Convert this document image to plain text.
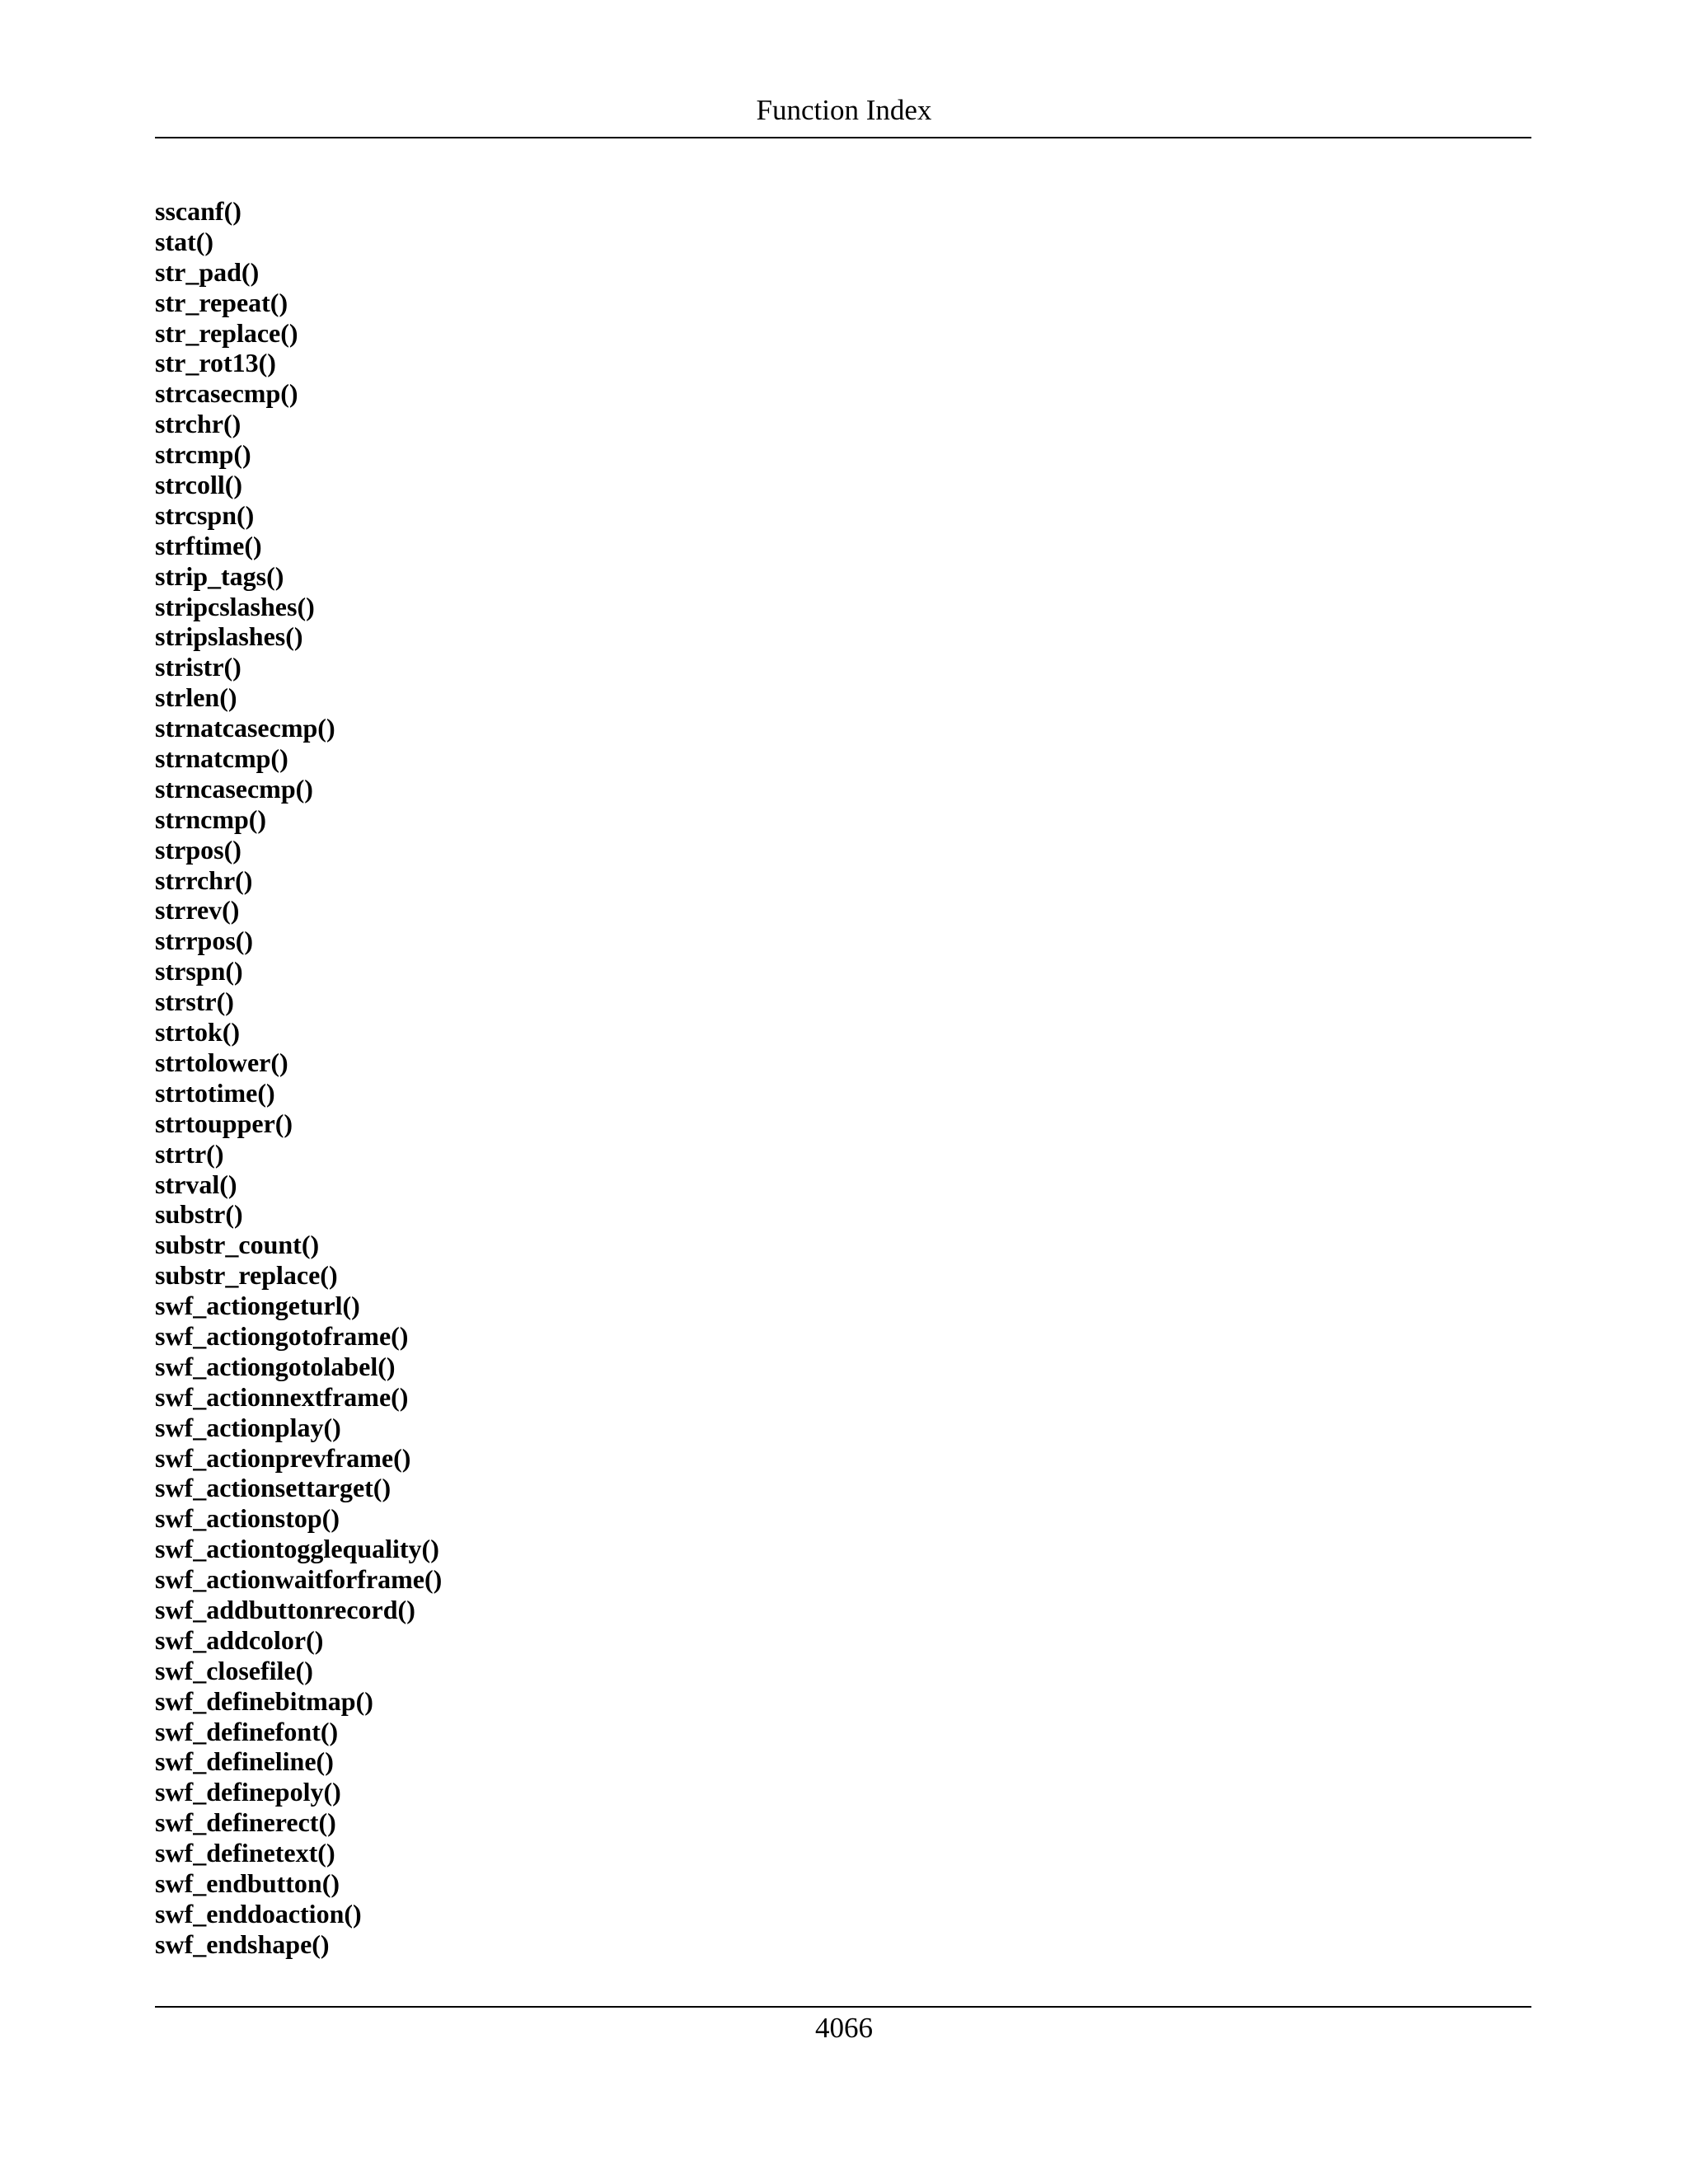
Function Index
sscanf()
stat()
str_pad()
str_repeat()
str_replace()
str_rot13()
strcasecmp()
strchr()
strcmp()
strcoll()
strcspn()
strftime()
strip_tags()
stripcslashes()
stripslashes()
stristr()
strlen()
strnatcasecmp()
strnatcmp()
strncasecmp()
strncmp()
strpos()
strrchr()
strrev()
strrpos()
strspn()
strstr()
strtok()
strtolower()
strtotime()
strtoupper()
strtr()
strval()
substr()
substr_count()
substr_replace()
swf_actiongeturl()
swf_actiongotoframe()
swf_actiongotolabel()
swf_actionnextframe()
swf_actionplay()
swf_actionprevframe()
swf_actionsettarget()
swf_actionstop()
swf_actiontogglequality()
swf_actionwaitforframe()
swf_addbuttonrecord()
swf_addcolor()
swf_closefile()
swf_definebitmap()
swf_definefont()
swf_defineline()
swf_definepoly()
swf_definerect()
swf_definetext()
swf_endbutton()
swf_enddoaction()
swf_endshape()
4066
